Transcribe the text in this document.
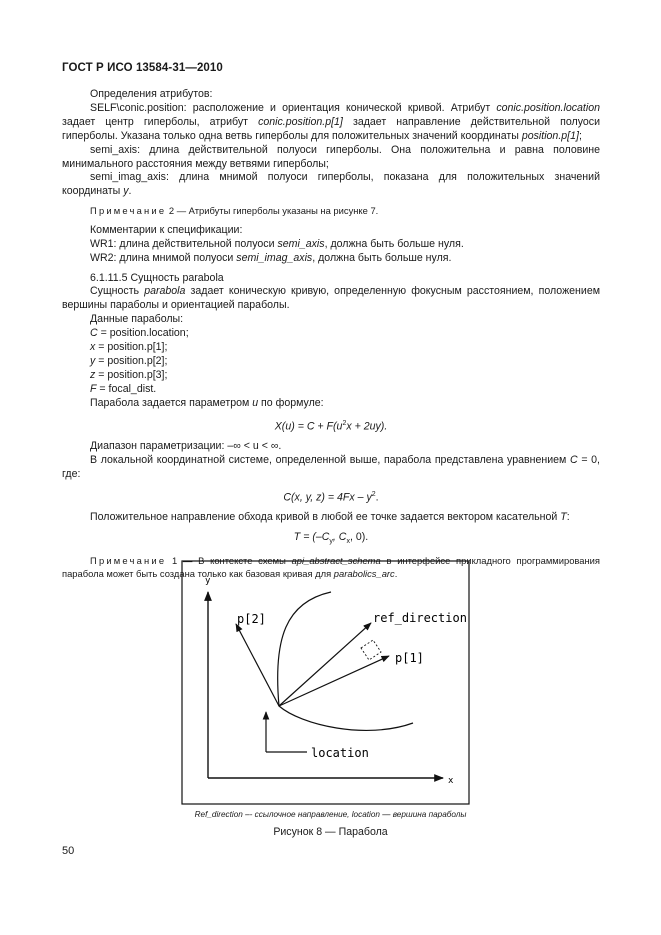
ГОСТ Р ИСО 13584-31—2010

Определения атрибутов:

SELF\conic.position: расположение и ориентация конической кривой. Атрибут conic.position.location задает центр гиперболы, атрибут conic.position.p[1] задает направление действительной полуоси гиперболы. Указана только одна ветвь гиперболы для положительных значений координаты position.p[1];

semi_axis: длина действительной полуоси гиперболы. Она положительна и равна половине минимального расстояния между ветвями гиперболы;

semi_imag_axis: длина мнимой полуоси гиперболы, показана для положительных значений координаты y.

Примечание 2 — Атрибуты гиперболы указаны на рисунке 7.

Комментарии к спецификации:

WR1: длина действительной полуоси semi_axis, должна быть больше нуля.

WR2: длина мнимой полуоси semi_imag_axis, должна быть больше нуля.

6.1.11.5 Сущность parabola

Сущность parabola задает коническую кривую, определенную фокусным расстоянием, положением вершины параболы и ориентацией параболы.

Данные параболы:

C = position.location;

x = position.p[1];

y = position.p[2];

z = position.p[3];

F = focal_dist.

Парабола задается параметром u по формуле:

$X(u) = C + F(u^2x + 2uy)$.

Диапазон параметризации: –∞ < u < ∞.

В локальной координатной системе, определенной выше, парабола представлена уравнением C = 0, где:

C(x, y, $z) = 4Fx - y^2$.

Положительное направление обхода кривой в любой ее точке задается вектором касательной T:

$T = (-C_y$, $C_x$, 0).

Примечание 1 — В контексте схемы api_abstract_schema в интерфейсе прикладного программирования парабола может быть создана только как базовая кривая для parabolics_arc.

y
x
p[2]	ref_direction
p[1]
location
Ref_direction –- ссылочное направление, location — вершина параболы
Рисунок 8 — Парабола
50
